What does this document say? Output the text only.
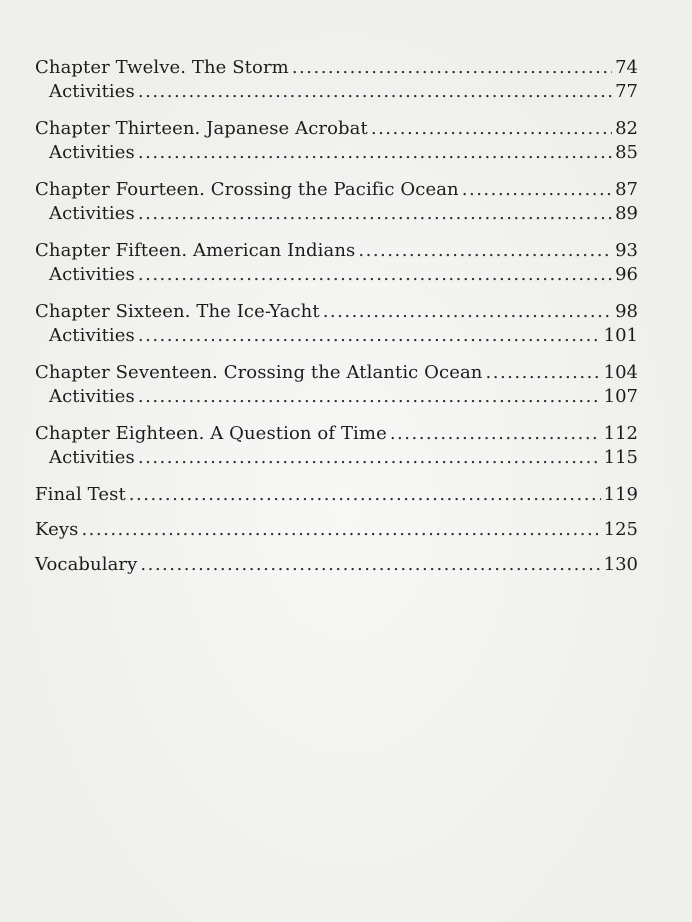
Chapter Twelve. The Storm .....	74
Activities .....	77
Chapter Thirteen. Japanese Acrobat .....	82
Activities .....	85
Chapter Fourteen. Crossing the Pacific Ocean .....	87
Activities .....	89
Chapter Fifteen. American Indians .....	93
Activities .....	96
Chapter Sixteen. The Ice-Yacht .....	98
Activities .....	101
Chapter Seventeen. Crossing the Atlantic Ocean .....	104
Activities .....	107
Chapter Eighteen. A Question of Time .....	112
Activities .....	115
Final Test .....	119
Keys .....	125
Vocabulary .....	130
